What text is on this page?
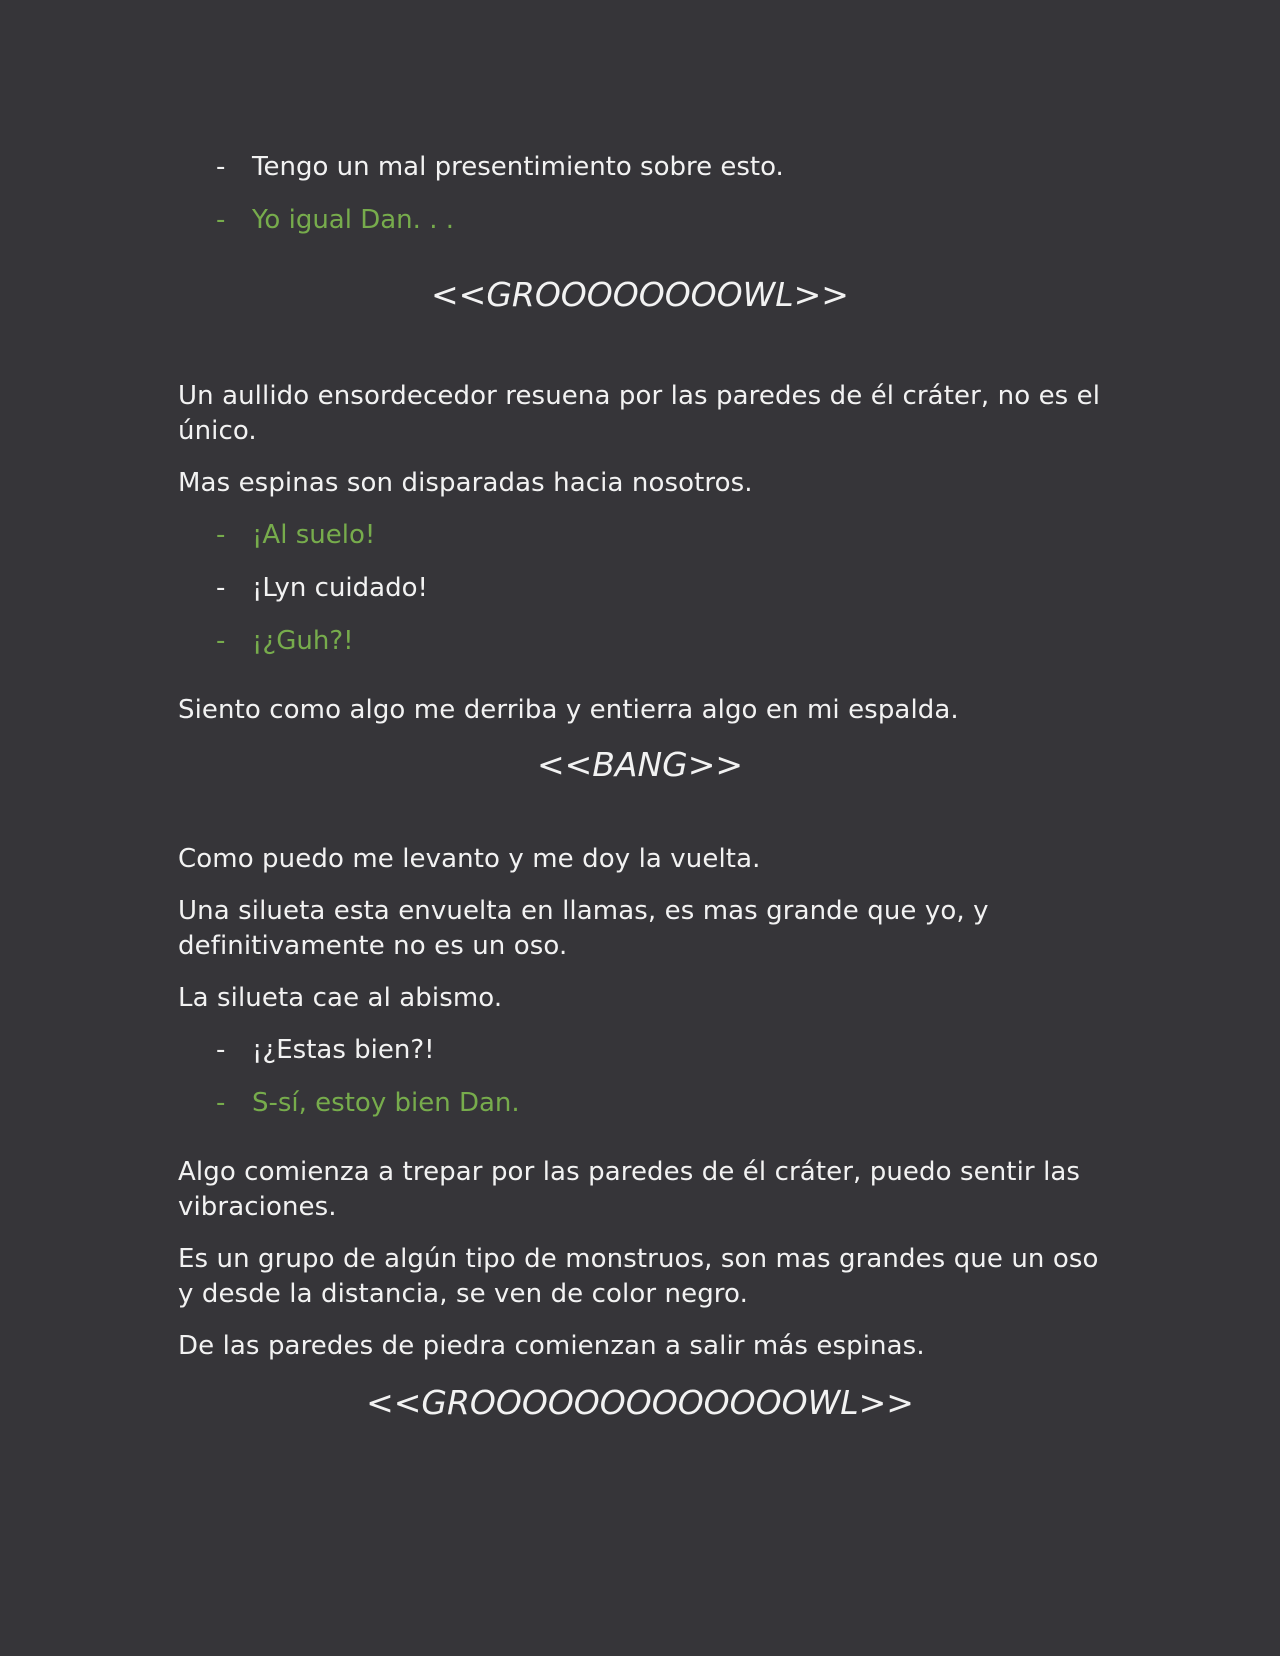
- Tengo un mal presentimiento sobre esto.
- Yo igual Dan. . .
<<GROOOOOOOOWL>>
Un aullido ensordecedor resuena por las paredes de él cráter, no es el único.
Mas espinas son disparadas hacia nosotros.
- ¡Al suelo!
- ¡Lyn cuidado!
- ¡¿Guh?!
Siento como algo me derriba y entierra algo en mi espalda.
<<BANG>>
Como puedo me levanto y me doy la vuelta.
Una silueta esta envuelta en llamas, es mas grande que yo, y definitivamente no es un oso.
La silueta cae al abismo.
- ¡¿Estas bien?!
- S-sí, estoy bien Dan.
Algo comienza a trepar por las paredes de él cráter, puedo sentir las vibraciones.
Es un grupo de algún tipo de monstruos, son mas grandes que un oso y desde la distancia, se ven de color negro.
De las paredes de piedra comienzan a salir más espinas.
<<GROOOOOOOOOOOOOWL>>
